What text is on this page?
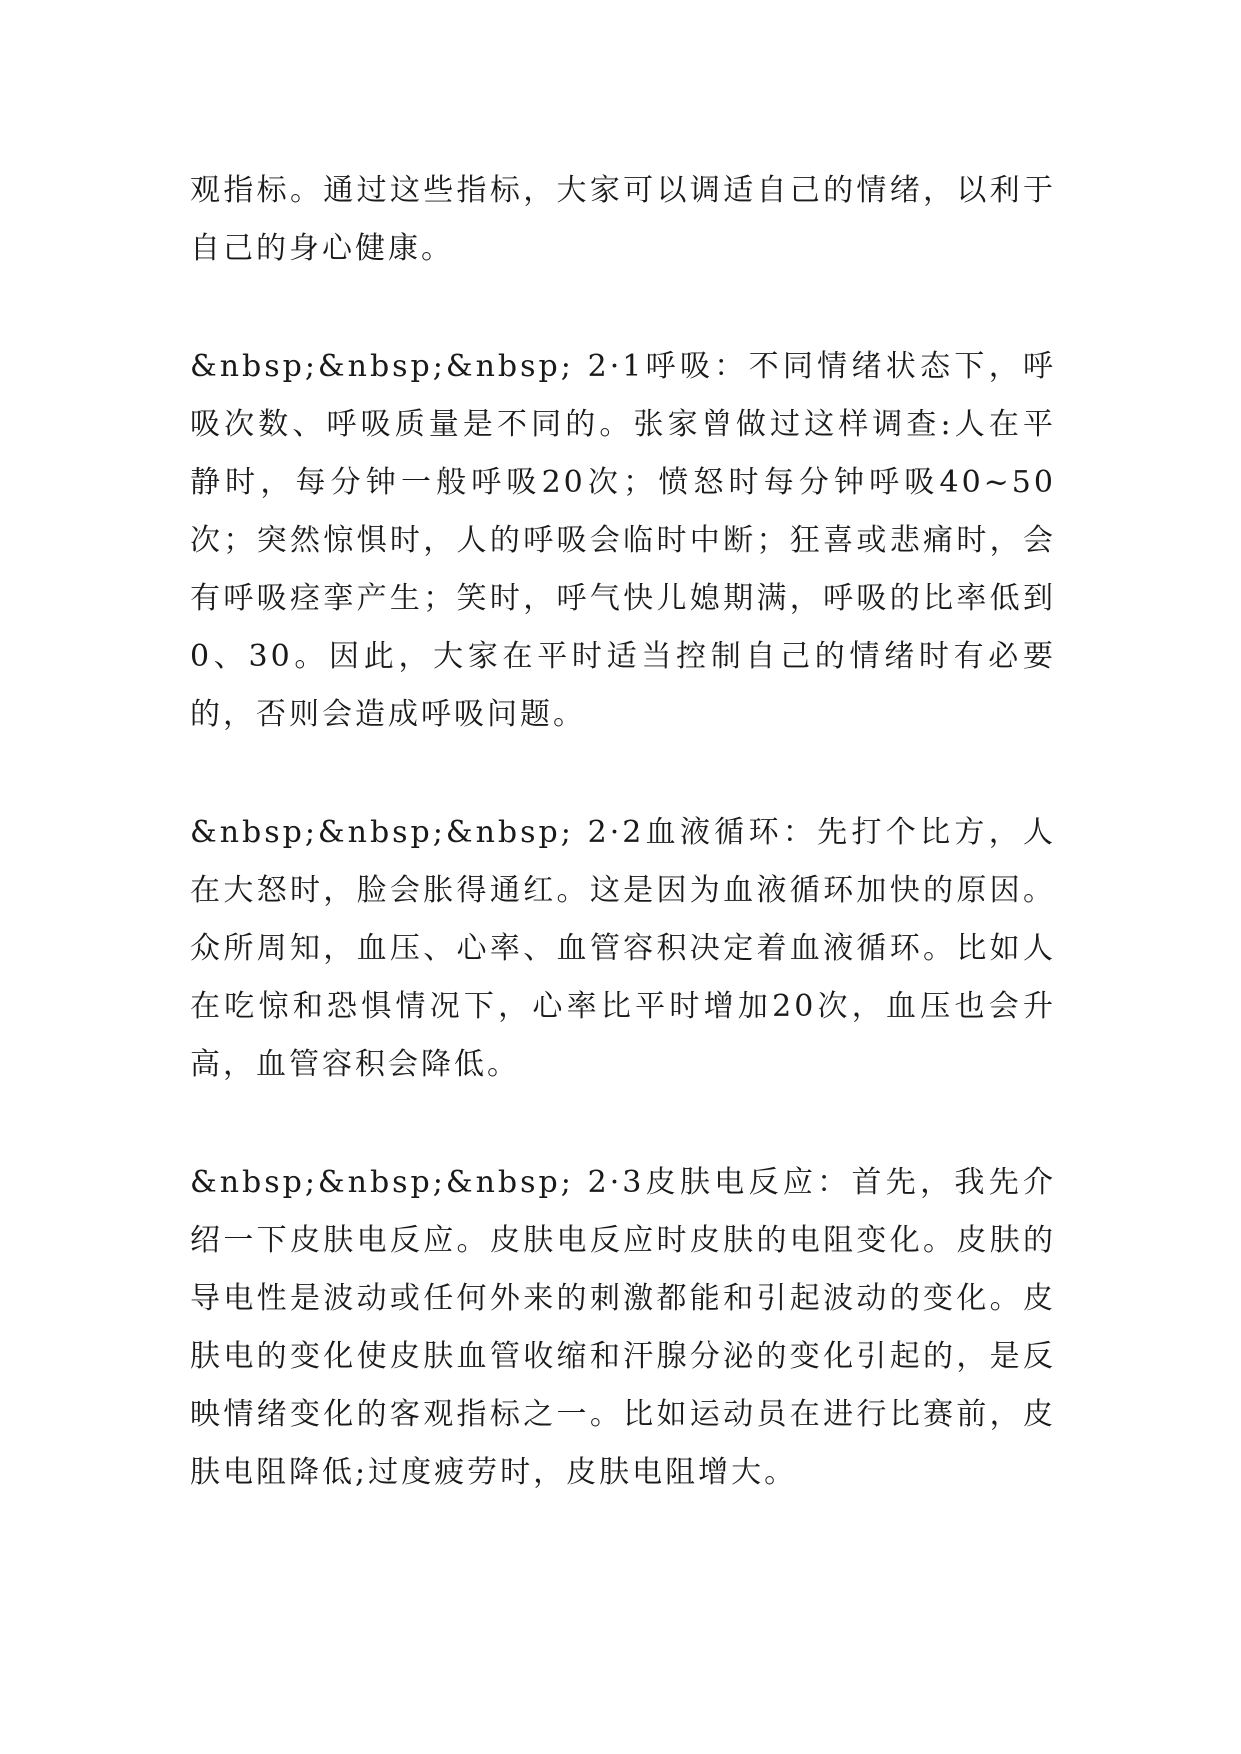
观指标。通过这些指标，大家可以调适自己的情绪，以利于自己的身心健康。

&nbsp;&nbsp;&nbsp; 2·1呼吸：不同情绪状态下，呼吸次数、呼吸质量是不同的。张家曾做过这样调查:人在平静时，每分钟一般呼吸20次；愤怒时每分钟呼吸40~50次；突然惊惧时，人的呼吸会临时中断；狂喜或悲痛时，会有呼吸痉挛产生；笑时，呼气快儿媳期满，呼吸的比率低到0、30。因此，大家在平时适当控制自己的情绪时有必要的，否则会造成呼吸问题。

&nbsp;&nbsp;&nbsp; 2·2血液循环：先打个比方，人在大怒时，脸会胀得通红。这是因为血液循环加快的原因。众所周知，血压、心率、血管容积决定着血液循环。比如人在吃惊和恐惧情况下，心率比平时增加20次，血压也会升高，血管容积会降低。

&nbsp;&nbsp;&nbsp; 2·3皮肤电反应：首先，我先介绍一下皮肤电反应。皮肤电反应时皮肤的电阻变化。皮肤的导电性是波动或任何外来的刺激都能和引起波动的变化。皮肤电的变化使皮肤血管收缩和汗腺分泌的变化引起的，是反映情绪变化的客观指标之一。比如运动员在进行比赛前，皮肤电阻降低;过度疲劳时，皮肤电阻增大。
